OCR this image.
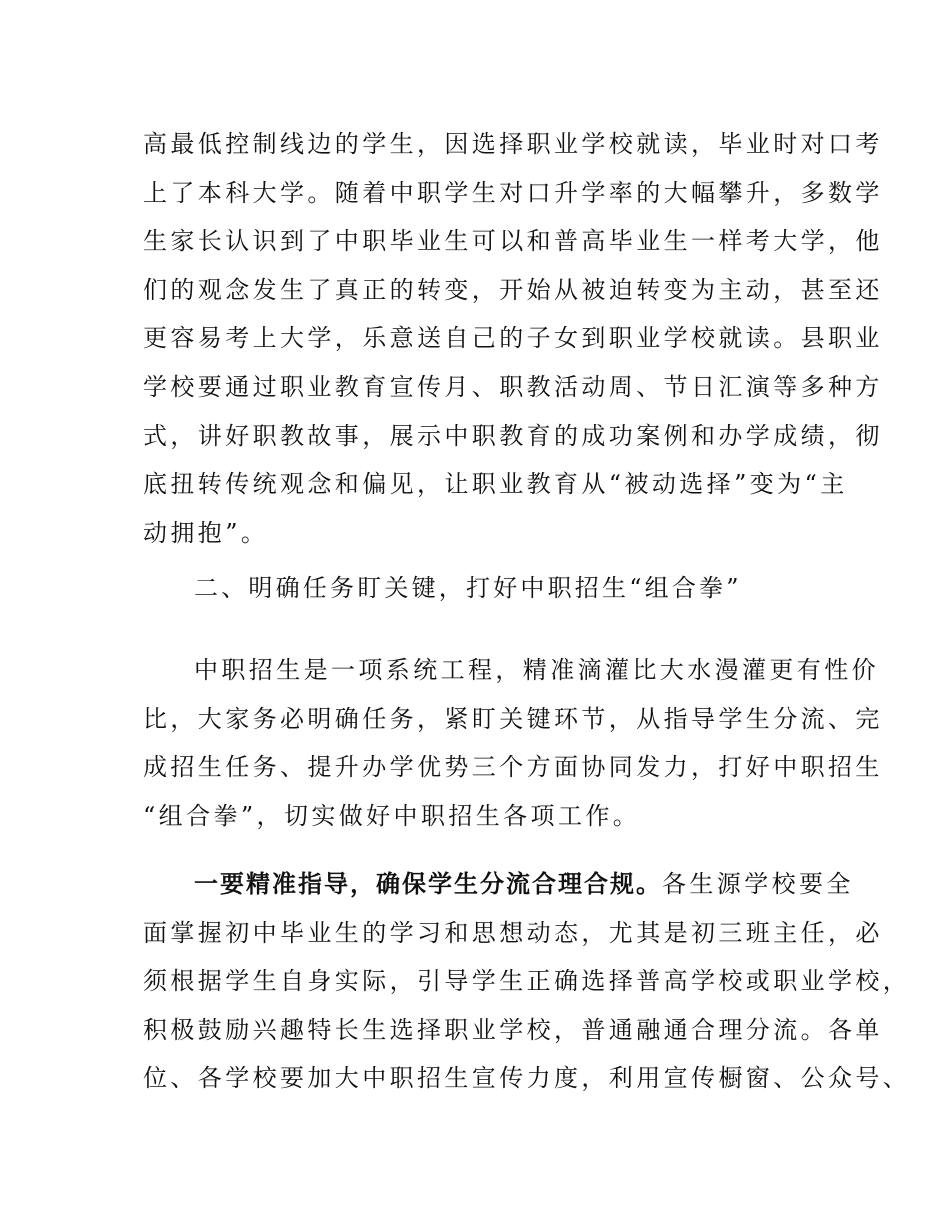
高最低控制线边的学生，因选择职业学校就读，毕业时对口考
上了本科大学。随着中职学生对口升学率的大幅攀升，多数学
生家长认识到了中职毕业生可以和普高毕业生一样考大学，他
们的观念发生了真正的转变，开始从被迫转变为主动，甚至还
更容易考上大学，乐意送自己的子女到职业学校就读。县职业
学校要通过职业教育宣传月、职教活动周、节日汇演等多种方
式，讲好职教故事，展示中职教育的成功案例和办学成绩，彻
底扭转传统观念和偏见，让职业教育从“被动选择”变为“主
动拥抱”。
二、明确任务盯关键，打好中职招生“组合拳”
中职招生是一项系统工程，精准滴灌比大水漫灌更有性价
比，大家务必明确任务，紧盯关键环节，从指导学生分流、完
成招生任务、提升办学优势三个方面协同发力，打好中职招生
“组合拳”，切实做好中职招生各项工作。
一要精准指导，确保学生分流合理合规。各生源学校要全
面掌握初中毕业生的学习和思想动态，尤其是初三班主任，必
须根据学生自身实际，引导学生正确选择普高学校或职业学校，
积极鼓励兴趣特长生选择职业学校，普通融通合理分流。各单
位、各学校要加大中职招生宣传力度，利用宣传橱窗、公众号、
